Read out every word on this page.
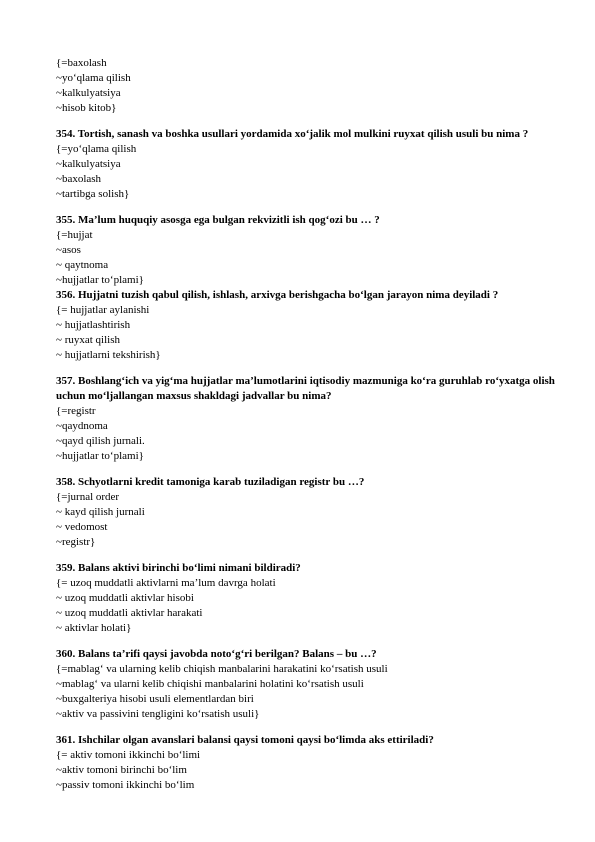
{=baxolash
~yo‘qlama qilish
~kalkulyatsiya
~hisob kitob}
354. Tortish, sanash va boshka usullari yordamida xo‘jalik mol mulkini ruyxat qilish usuli bu nima ?
{=yo‘qlama qilish
~kalkulyatsiya
~baxolash
~tartibga solish}
355. Ma’lum huquqiy asosga ega bulgan rekvizitli ish qog‘ozi bu … ?
{=hujjat
~asos
~ qaytnoma
~hujjatlar to‘plami}
356. Hujjatni tuzish qabul qilish, ishlash, arxivga berishgacha bo‘lgan jarayon nima deyiladi ?
{= hujjatlar aylanishi
~ hujjatlashtirish
~ ruyxat qilish
~ hujjatlarni tekshirish}
357. Boshlang‘ich va yig‘ma hujjatlar ma’lumotlarini iqtisodiy mazmuniga ko‘ra guruhlab ro‘yxatga olish uchun mo‘ljallangan maxsus shakldagi jadvallar bu nima?
{=registr
~qaydnoma
~qayd qilish jurnali.
~hujjatlar to‘plami}
358. Schyotlarni kredit tamoniga karab tuziladigan registr bu …?
{=jurnal order
~ kayd qilish jurnali
~ vedomost
~registr}
359. Balans aktivi birinchi bo‘limi nimani bildiradi?
{= uzoq muddatli aktivlarni ma’lum davrga holati
~ uzoq muddatli aktivlar hisobi
~ uzoq muddatli aktivlar harakati
~ aktivlar holati}
360. Balans ta’rifi qaysi javobda noto‘g‘ri berilgan? Balans – bu …?
{=mablag‘ va ularning kelib chiqish manbalarini harakatini ko‘rsatish usuli
~mablag‘ va ularni kelib chiqishi manbalarini holatini ko‘rsatish usuli
~buxgalteriya hisobi usuli elementlardan biri
~aktiv va passivini tengligini ko‘rsatish usuli}
361. Ishchilar olgan avanslari balansi qaysi tomoni qaysi bo‘limda aks ettiriladi?
{= aktiv tomoni ikkinchi bo‘limi
~aktiv tomoni birinchi bo‘lim
~passiv tomoni ikkinchi bo‘lim
